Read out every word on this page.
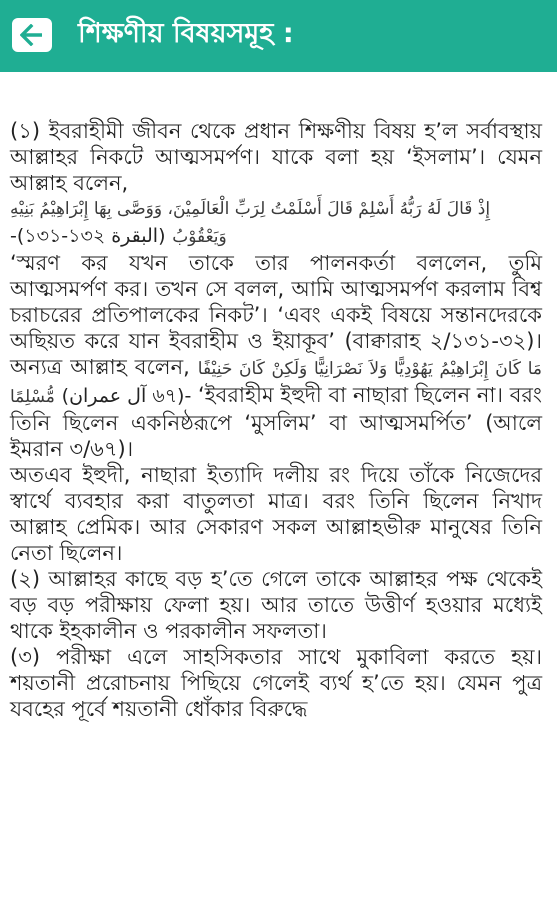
শিক্ষণীয় বিষয়সমূহ :

(১) ইবরাহীমী জীবন থেকে প্রধান শিক্ষণীয় বিষয় হ’ল সর্বাবস্থায় আল্লাহর নিকটে আত্মসমর্পণ। যাকে বলা হয় ‘ইসলাম’। যেমন আল্লাহ বলেন,

إِذْ قَالَ لَهُ رَبُّهُ أَسْلِمْ قَالَ أَسْلَمْتُ لِرَبِّ الْعَالَمِيْنَ، وَوَصَّى بِهَا إِبْرَاهِيْمُ بَنِيْهِ

وَيَعْقُوْبُ (البقرة ১৩১-১৩২)-

‘স্মরণ কর যখন তাকে তার পালনকর্তা বললেন, তুমি আত্মসমর্পণ কর। তখন সে বলল, আমি আত্মসমর্পণ করলাম বিশ্ব চরাচরের প্রতিপালকের নিকট’। ‘এবং একই বিষয়ে সন্তানদেরকে অছিয়ত করে যান ইবরাহীম ও ইয়াকূব’ (বাক্বারাহ ২/১৩১-৩২)। অন্যত্র আল্লাহ বলেন, مَا كَانَ إِبْرَاهِيْمُ يَهُوْدِيًّا وَلاَ نَصْرَانِيًّا وَلَكِنْ كَانَ حَنِيْفًا مُّسْلِمًا (آل عمران ৬৭)- ‘ইবরাহীম ইহুদী বা নাছারা ছিলেন না। বরং তিনি ছিলেন একনিষ্ঠরূপে ‘মুসলিম’ বা আত্মসমর্পিত’ (আলে ইমরান ৩/৬৭)।

অতএব ইহুদী, নাছারা ইত্যাদি দলীয় রং দিয়ে তাঁকে নিজেদের স্বার্থে ব্যবহার করা বাতুলতা মাত্র। বরং তিনি ছিলেন নিখাদ আল্লাহ প্রেমিক। আর সেকারণ সকল আল্লাহভীরু মানুষের তিনি নেতা ছিলেন।

(২) আল্লাহর কাছে বড় হ’তে গেলে তাকে আল্লাহর পক্ষ থেকেই বড় বড় পরীক্ষায় ফেলা হয়। আর তাতে উত্তীর্ণ হওয়ার মধ্যেই থাকে ইহকালীন ও পরকালীন সফলতা।

(৩) পরীক্ষা এলে সাহসিকতার সাথে মুকাবিলা করতে হয়। শয়তানী প্ররোচনায় পিছিয়ে গেলেই ব্যর্থ হ’তে হয়। যেমন পুত্র যবহের পূর্বে শয়তানী ধোঁকার বিরুদ্ধে
